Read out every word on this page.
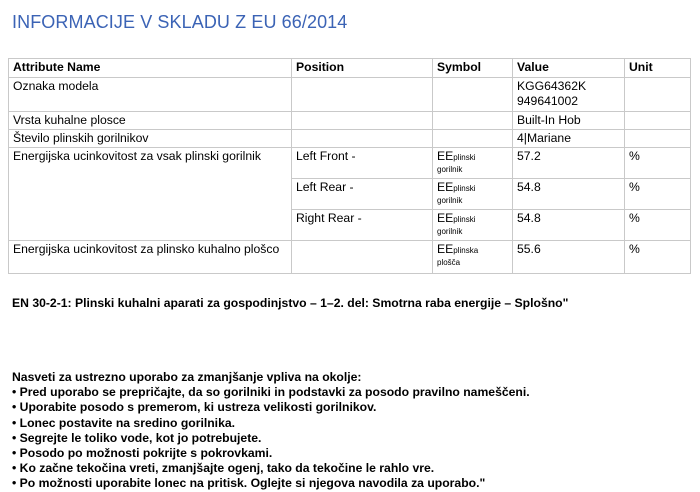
INFORMACIJE V SKLADU Z EU 66/2014
Attribute Name	Position	Symbol	Value	Unit
Oznaka modela			KGG64362K
949641002	
Vrsta kuhalne plosce			Built-In Hob	
Število plinskih gorilnikov			4|Mariane	
Energijska ucinkovitost za vsak plinski gorilnik	Left Front -	EEplinski
gorilnik	57.2	%
	Left Rear -	EEplinski
gorilnik	54.8	%
	Right Rear -	EEplinski
gorilnik	54.8	%
Energijska ucinkovitost za plinsko kuhalno plošco		EEplinska
plošča	55.6	%
EN 30-2-1: Plinski kuhalni aparati za gospodinjstvo – 1–2. del: Smotrna raba energije – Splošno"
Nasveti za ustrezno uporabo za zmanjšanje vpliva na okolje:
• Pred uporabo se prepričajte, da so gorilniki in podstavki za posodo pravilno nameščeni.
• Uporabite posodo s premerom, ki ustreza velikosti gorilnikov.
• Lonec postavite na sredino gorilnika.
• Segrejte le toliko vode, kot jo potrebujete.
• Posodo po možnosti pokrijte s pokrovkami.
• Ko začne tekočina vreti, zmanjšajte ogenj, tako da tekočine le rahlo vre.
• Po možnosti uporabite lonec na pritisk. Oglejte si njegova navodila za uporabo."
